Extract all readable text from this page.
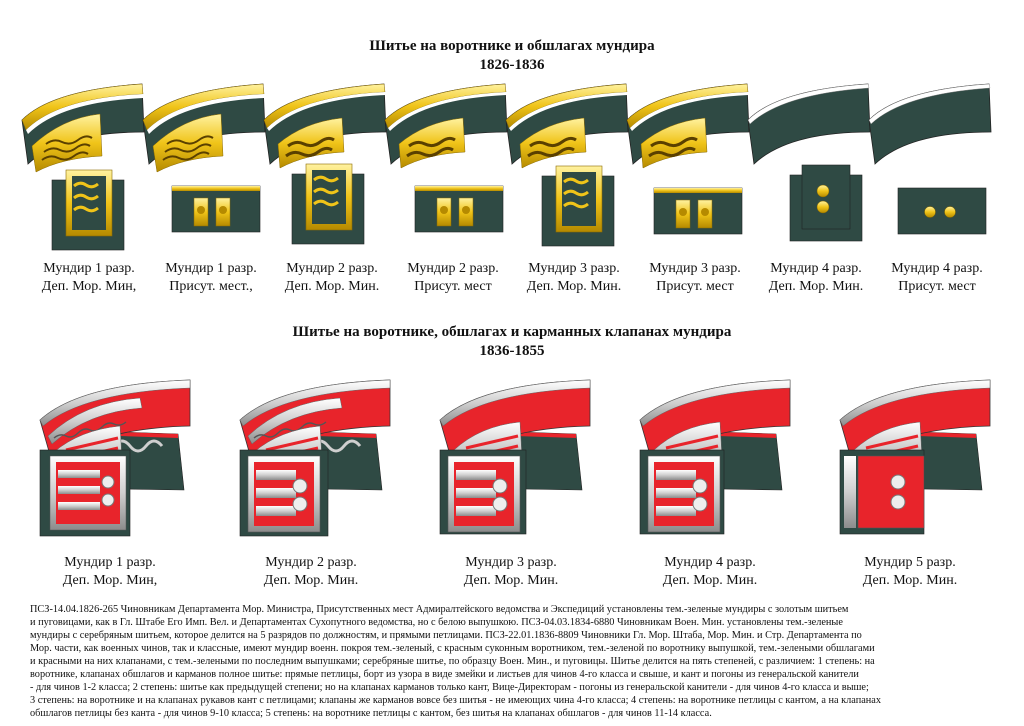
Шитье на воротнике и обшлагах мундира
1826-1836
Мундир 1 разр.
Деп. Мор. Мин,
Мундир 1 разр.
Присут. мест.,
Мундир 2 разр.
Деп. Мор. Мин.
Мундир 2 разр.
Присут. мест
Мундир 3 разр.
Деп. Мор. Мин.
Мундир 3 разр.
Присут. мест
Мундир 4 разр.
Деп. Мор. Мин.
Мундир 4 разр.
Присут. мест
Шитье на воротнике, обшлагах и карманных клапанах мундира
1836-1855
Мундир 1 разр.
Деп. Мор. Мин,
Мундир 2 разр.
Деп. Мор. Мин.
Мундир 3 разр.
Деп. Мор. Мин.
Мундир 4 разр.
Деп. Мор. Мин.
Мундир 5 разр.
Деп. Мор. Мин.

ПСЗ-14.04.1826-265 Чиновникам Департамента Мор. Министра, Присутственных мест Адмиралтейского ведомства и Экспедиций установлены тем.-зеленые мундиры с золотым шитьем

и пуговицами, как в Гл. Штабе Его Имп. Вел. и Департаментах Сухопутного ведомства, но с белою выпушкою. ПСЗ-04.03.1834-6880 Чиновникам Воен. Мин. установлены тем.-зеленые

мундиры с серебряным шитьем, которое делится на 5 разрядов по должностям, и прямыми петлицами. ПСЗ-22.01.1836-8809 Чиновники Гл. Мор. Штаба, Мор. Мин. и Стр. Департамента по

Мор. части, как военных чинов, так и классные, имеют мундир военн. покроя тем.-зеленый, с красным суконным воротником, тем.-зеленой по воротнику выпушкой, тем.-зелеными обшлагами

и красными на них клапанами, с тем.-зелеными по последним выпушками; серебряные шитье, по образцу Воен. Мин., и пуговицы. Шитье делится на пять степеней, с различием: 1 степень: на

воротнике, клапанах обшлагов и карманов полное шитье: прямые петлицы, борт из узора в виде змейки и листьев для чинов 4-го класса и свыше, и кант и погоны из генеральской канители

- для чинов 1-2 класса; 2 степень: шитье как предыдущей степени; но на клапанах карманов только кант, Вице-Директорам - погоны из генеральской канители - для чинов 4-го класса и выше;

3 степень: на воротнике и на клапанах рукавов кант с петлицами; клапаны же карманов вовсе без шитья - не имеющих чина 4-го класса; 4 степень: на воротнике петлицы с кантом, а на клапанах

обшлагов петлицы без канта - для чинов 9-10 класса; 5 степень: на воротнике петлицы с кантом, без шитья на клапанах обшлагов - для чинов 11-14 класса.
